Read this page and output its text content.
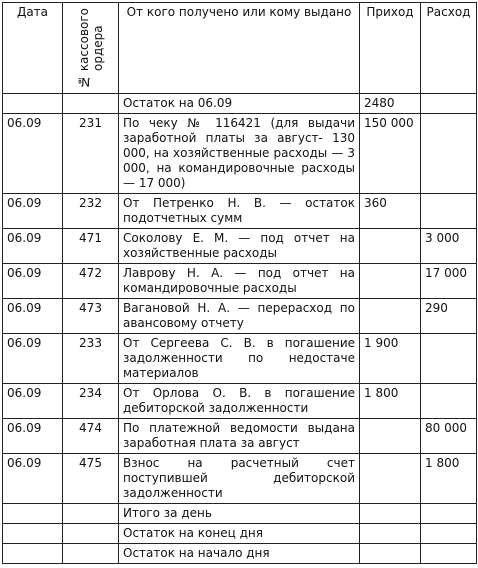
Дата	№ кассового ордера	От кого получено или кому выдано	Приход	Расход
		Остаток на 06.09	2480	
06.09	231	По чеку № 116421 (для выдачи заработной платы за август- 130 000, на хозяйственные расходы — 3 000, на командировочные расходы — 17 000)	150 000	
06.09	232	От Петренко Н. В. — остаток подотчетных сумм	360	
06.09	471	Соколову Е. М. — под отчет на хозяйственные расходы		3 000
06.09	472	Лаврову Н. А. — под отчет на командировочные расходы		17 000
06.09	473	Вагановой Н. А. — перерасход по авансовому отчету		290
06.09	233	От Сергеева С. В. в погашение задолженности по недостаче материалов	1 900	
06.09	234	От Орлова О. В. в погашение дебиторской задолженности	1 800	
06.09	474	По платежной ведомости выдана заработная плата за август		80 000
06.09	475	Взнос на расчетный счет поступившей дебиторской задолженности		1 800
		Итого за день		
		Остаток на конец дня		
		Остаток на начало дня		
